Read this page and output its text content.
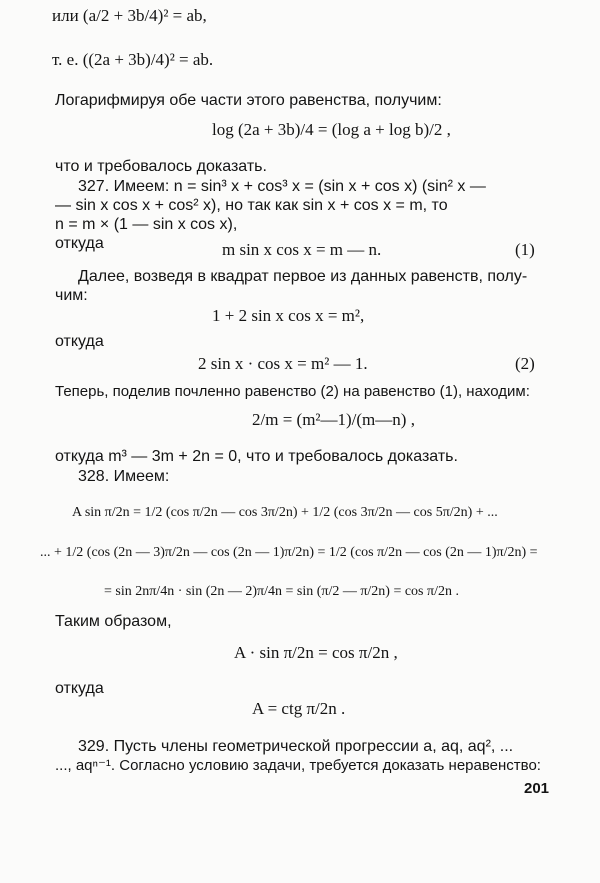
или (a/2 + 3b/4)² = ab,
т. е. ((2a + 3b)/4)² = ab.
Логарифмируя обе части этого равенства, получим:
log (2a + 3b)/4 = (log a + log b)/2 ,
что и требовалось доказать.
327. Имеем: n = sin³ x + cos³ x = (sin x + cos x) (sin² x —
— sin x cos x + cos² x), но так как sin x + cos x = m, то
n = m × (1 — sin x cos x),
откуда	m sin x cos x = m — n.	(1)
Далее, возведя в квадрат первое из данных равенств, полу-
чим:
1 + 2 sin x cos x = m²,
откуда
2 sin x · cos x = m² — 1.	(2)
Теперь, поделив почленно равенство (2) на равенство (1), находим:
2/m = (m²—1)/(m—n) ,
откуда m³ — 3m + 2n = 0, что и требовалось доказать.
328. Имеем:
A sin π/2n = 1/2 (cos π/2n — cos 3π/2n) + 1/2 (cos 3π/2n — cos 5π/2n) + ...
... + 1/2 (cos (2n — 3)π/2n — cos (2n — 1)π/2n) = 1/2 (cos π/2n — cos (2n — 1)π/2n) =
= sin 2nπ/4n · sin (2n — 2)π/4n = sin (π/2 — π/2n) = cos π/2n .
Таким образом,
A · sin π/2n = cos π/2n ,
откуда
A = ctg π/2n .
329. Пусть члены геометрической прогрессии a, aq, aq², ...
..., aqⁿ⁻¹. Согласно условию задачи, требуется доказать неравенство:
201
